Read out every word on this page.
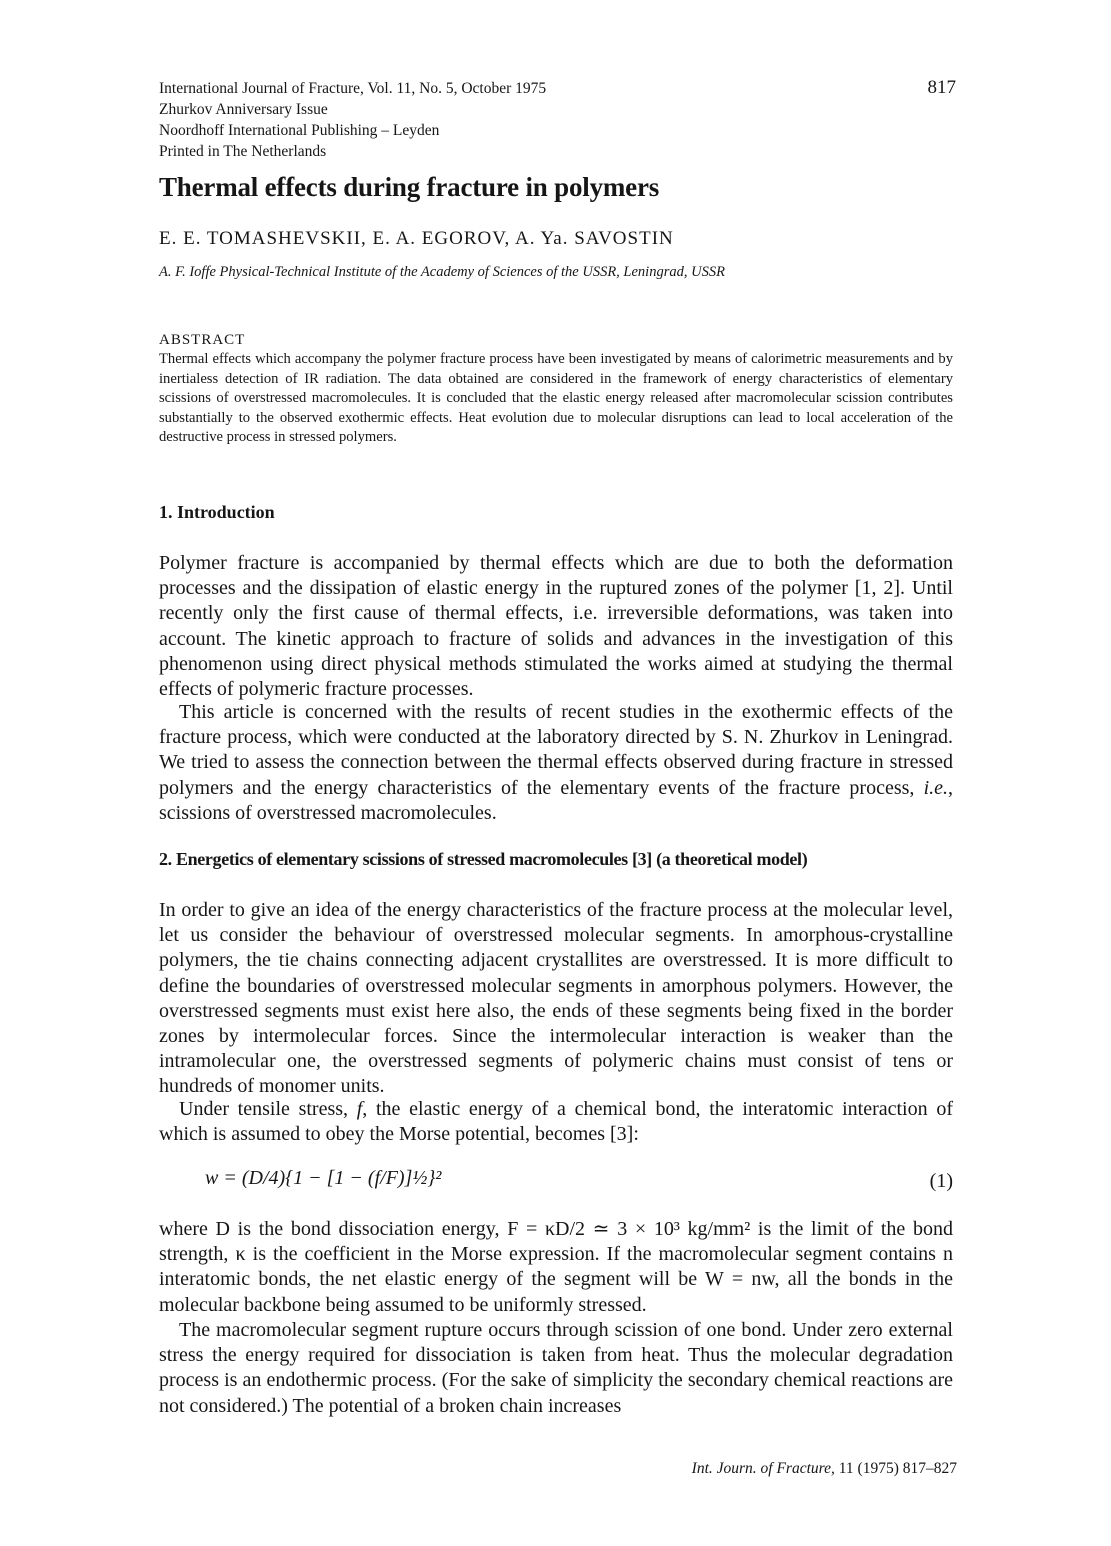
International Journal of Fracture, Vol. 11, No. 5, October 1975
Zhurkov Anniversary Issue
Noordhoff International Publishing – Leyden
Printed in The Netherlands
817
Thermal effects during fracture in polymers
E. E. TOMASHEVSKII, E. A. EGOROV, A. Ya. SAVOSTIN
A. F. Ioffe Physical-Technical Institute of the Academy of Sciences of the USSR, Leningrad, USSR
ABSTRACT
Thermal effects which accompany the polymer fracture process have been investigated by means of calorimetric measurements and by inertialess detection of IR radiation. The data obtained are considered in the framework of energy characteristics of elementary scissions of overstressed macromolecules. It is concluded that the elastic energy released after macromolecular scission contributes substantially to the observed exothermic effects. Heat evolution due to molecular disruptions can lead to local acceleration of the destructive process in stressed polymers.
1. Introduction
Polymer fracture is accompanied by thermal effects which are due to both the deformation processes and the dissipation of elastic energy in the ruptured zones of the polymer [1, 2]. Until recently only the first cause of thermal effects, i.e. irreversible deformations, was taken into account. The kinetic approach to fracture of solids and advances in the investigation of this phenomenon using direct physical methods stimulated the works aimed at studying the thermal effects of polymeric fracture processes.
This article is concerned with the results of recent studies in the exothermic effects of the fracture process, which were conducted at the laboratory directed by S. N. Zhurkov in Leningrad. We tried to assess the connection between the thermal effects observed during fracture in stressed polymers and the energy characteristics of the elementary events of the fracture process, i.e., scissions of overstressed macromolecules.
2. Energetics of elementary scissions of stressed macromolecules [3] (a theoretical model)
In order to give an idea of the energy characteristics of the fracture process at the molecular level, let us consider the behaviour of overstressed molecular segments. In amorphous-crystalline polymers, the tie chains connecting adjacent crystallites are overstressed. It is more difficult to define the boundaries of overstressed molecular segments in amorphous polymers. However, the overstressed segments must exist here also, the ends of these segments being fixed in the border zones by intermolecular forces. Since the intermolecular interaction is weaker than the intramolecular one, the overstressed segments of polymeric chains must consist of tens or hundreds of monomer units.
Under tensile stress, f, the elastic energy of a chemical bond, the interatomic interaction of which is assumed to obey the Morse potential, becomes [3]:
w = (D/4){1 − [1 − (f/F)]½}²	(1)
where D is the bond dissociation energy, F = κD/2 ≃ 3 × 10³ kg/mm² is the limit of the bond strength, κ is the coefficient in the Morse expression. If the macromolecular segment contains n interatomic bonds, the net elastic energy of the segment will be W = nw, all the bonds in the molecular backbone being assumed to be uniformly stressed.
The macromolecular segment rupture occurs through scission of one bond. Under zero external stress the energy required for dissociation is taken from heat. Thus the molecular degradation process is an endothermic process. (For the sake of simplicity the secondary chemical reactions are not considered.) The potential of a broken chain increases
Int. Journ. of Fracture, 11 (1975) 817–827
